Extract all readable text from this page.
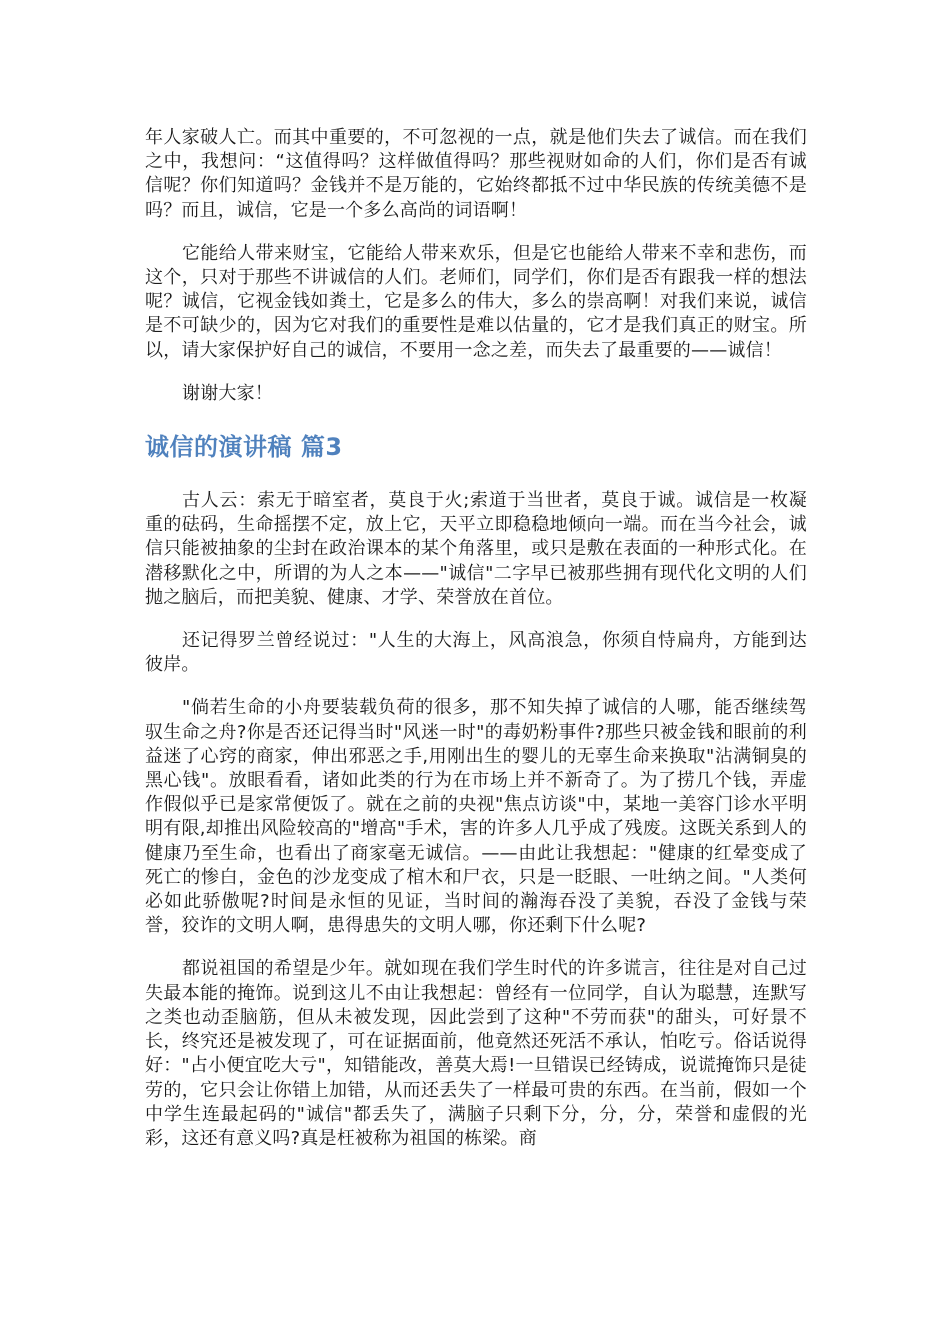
年人家破人亡。而其中重要的，不可忽视的一点，就是他们失去了诚信。而在我们之中，我想问：“这值得吗？这样做值得吗？那些视财如命的人们，你们是否有诚信呢？你们知道吗？金钱并不是万能的，它始终都抵不过中华民族的传统美德不是吗？而且，诚信，它是一个多么高尚的词语啊！

它能给人带来财宝，它能给人带来欢乐，但是它也能给人带来不幸和悲伤，而这个，只对于那些不讲诚信的人们。老师们，同学们，你们是否有跟我一样的想法呢？诚信，它视金钱如粪土，它是多么的伟大，多么的崇高啊！对我们来说，诚信是不可缺少的，因为它对我们的重要性是难以估量的，它才是我们真正的财宝。所以，请大家保护好自己的诚信，不要用一念之差，而失去了最重要的——诚信！

谢谢大家！

诚信的演讲稿 篇3

古人云：索无于暗室者，莫良于火;索道于当世者，莫良于诚。诚信是一枚凝重的砝码，生命摇摆不定，放上它，天平立即稳稳地倾向一端。而在当今社会，诚信只能被抽象的尘封在政治课本的某个角落里，或只是敷在表面的一种形式化。在潜移默化之中，所谓的为人之本——"诚信"二字早已被那些拥有现代化文明的人们抛之脑后，而把美貌、健康、才学、荣誉放在首位。

还记得罗兰曾经说过："人生的大海上，风高浪急，你须自恃扁舟，方能到达彼岸。

"倘若生命的小舟要装载负荷的很多，那不知失掉了诚信的人哪，能否继续驾驭生命之舟?你是否还记得当时"风迷一时"的毒奶粉事件?那些只被金钱和眼前的利益迷了心窍的商家，伸出邪恶之手,用刚出生的婴儿的无辜生命来换取"沾满铜臭的黑心钱"。放眼看看，诸如此类的行为在市场上并不新奇了。为了捞几个钱，弄虚作假似乎已是家常便饭了。就在之前的央视"焦点访谈"中，某地一美容门诊水平明明有限,却推出风险较高的"增高"手术，害的许多人几乎成了残废。这既关系到人的健康乃至生命，也看出了商家毫无诚信。——由此让我想起："健康的红晕变成了死亡的惨白，金色的沙龙变成了棺木和尸衣，只是一眨眼、一吐纳之间。"人类何必如此骄傲呢?时间是永恒的见证，当时间的瀚海吞没了美貌，吞没了金钱与荣誉，狡诈的文明人啊，患得患失的文明人哪，你还剩下什么呢?

都说祖国的希望是少年。就如现在我们学生时代的许多谎言，往往是对自己过失最本能的掩饰。说到这儿不由让我想起：曾经有一位同学，自认为聪慧，连默写之类也动歪脑筋，但从未被发现，因此尝到了这种"不劳而获"的甜头，可好景不长，终究还是被发现了，可在证据面前，他竟然还死活不承认，怕吃亏。俗话说得好："占小便宜吃大亏"，知错能改，善莫大焉!一旦错误已经铸成，说谎掩饰只是徒劳的，它只会让你错上加错，从而还丢失了一样最可贵的东西。在当前，假如一个中学生连最起码的"诚信"都丢失了，满脑子只剩下分，分，分，荣誉和虚假的光彩，这还有意义吗?真是枉被称为祖国的栋梁。商
